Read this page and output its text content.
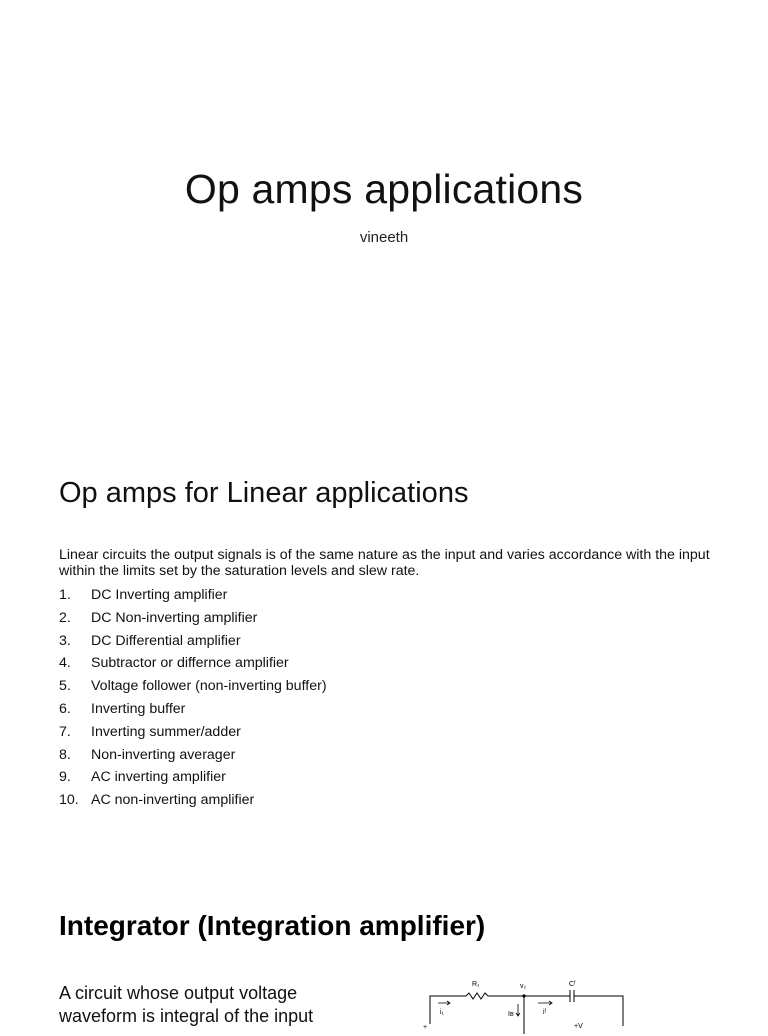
Op amps applications
vineeth
Op amps for Linear applications
Linear circuits the output signals is of the same nature as the input and varies accordance with the input within the limits set by the saturation levels and slew rate.
1.	DC Inverting amplifier
2.	DC Non-inverting amplifier
3.	DC Differential amplifier
4.	Subtractor or differnce amplifier
5.	Voltage follower (non-inverting buffer)
6.	Inverting buffer
7.	Inverting summer/adder
8.	Non-inverting averager
9.	AC inverting amplifier
10. AC non-inverting amplifier
Integrator (Integration amplifier)
A circuit whose output voltage waveform is integral of the input
R₁	v₂	Cᶠ
i₁	Iʙ	iᶠ
+	+V
